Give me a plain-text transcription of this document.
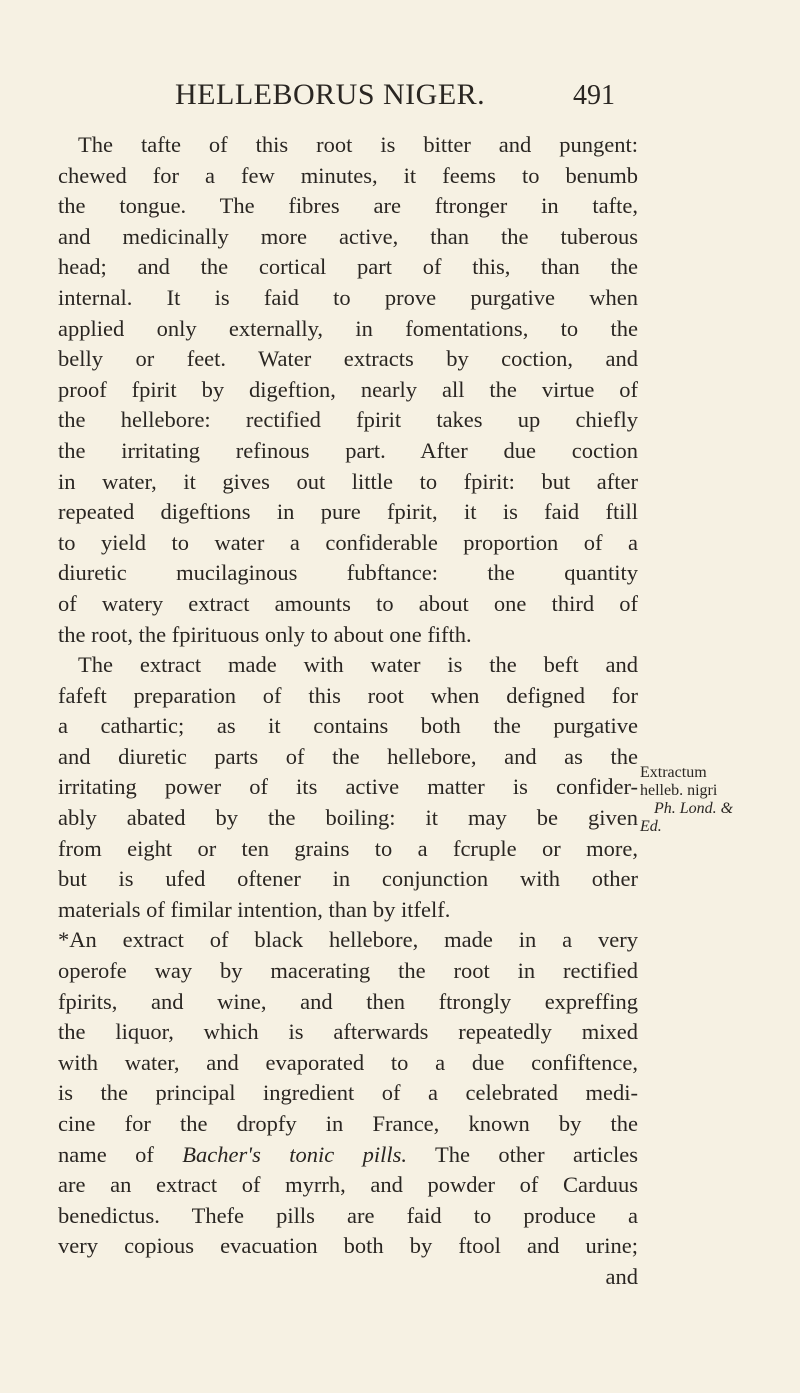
HELLEBORUS NIGER.	491
The tafte of this root is bitter and pungent:
chewed for a few minutes, it feems to benumb
the tongue. The fibres are ftronger in tafte,
and medicinally more active, than the tuberous
head; and the cortical part of this, than the
internal. It is faid to prove purgative when
applied only externally, in fomentations, to the
belly or feet. Water extracts by coction, and
proof fpirit by digeftion, nearly all the virtue of
the hellebore: rectified fpirit takes up chiefly
the irritating refinous part. After due coction
in water, it gives out little to fpirit: but after
repeated digeftions in pure fpirit, it is faid ftill
to yield to water a confiderable proportion of a
diuretic mucilaginous fubftance: the quantity
of watery extract amounts to about one third of
the root, the fpirituous only to about one fifth.
The extract made with water is the beft and
fafeft preparation of this root when defigned for
a cathartic; as it contains both the purgative
and diuretic parts of the hellebore, and as the
irritating power of its active matter is confider-
ably abated by the boiling: it may be given
from eight or ten grains to a fcruple or more,
but is ufed oftener in conjunction with other
materials of fimilar intention, than by itfelf.
*An extract of black hellebore, made in a very
operofe way by macerating the root in rectified
fpirits, and wine, and then ftrongly expreffing
the liquor, which is afterwards repeatedly mixed
with water, and evaporated to a due confiftence,
is the principal ingredient of a celebrated medi-
cine for the dropfy in France, known by the
name of Bacher's tonic pills. The other articles
are an extract of myrrh, and powder of Carduus
benedictus. Thefe pills are faid to produce a
very copious evacuation both by ftool and urine;
and
Extractum
helleb. nigri
Ph. Lond. &
Ed.
